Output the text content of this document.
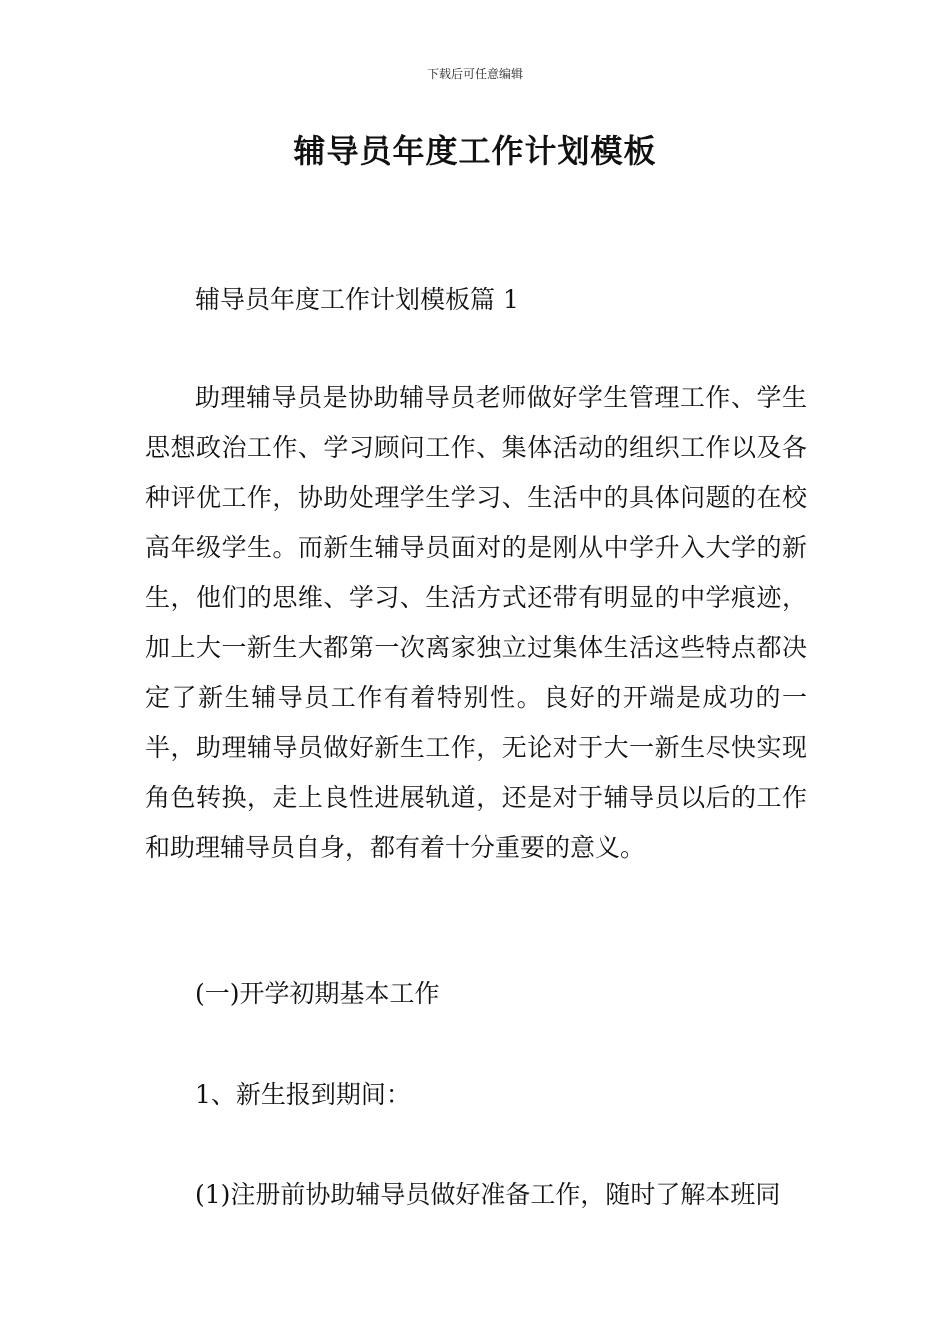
下载后可任意编辑
辅导员年度工作计划模板
辅导员年度工作计划模板篇 1

助理辅导员是协助辅导员老师做好学生管理工作、学生思想政治工作、学习顾问工作、集体活动的组织工作以及各种评优工作，协助处理学生学习、生活中的具体问题的在校高年级学生。而新生辅导员面对的是刚从中学升入大学的新生，他们的思维、学习、生活方式还带有明显的中学痕迹，加上大一新生大都第一次离家独立过集体生活这些特点都决定了新生辅导员工作有着特别性。良好的开端是成功的一半，助理辅导员做好新生工作，无论对于大一新生尽快实现角色转换，走上良性进展轨道，还是对于辅导员以后的工作和助理辅导员自身，都有着十分重要的意义。

(一)开学初期基本工作
1、新生报到期间：
(1)注册前协助辅导员做好准备工作，随时了解本班同
